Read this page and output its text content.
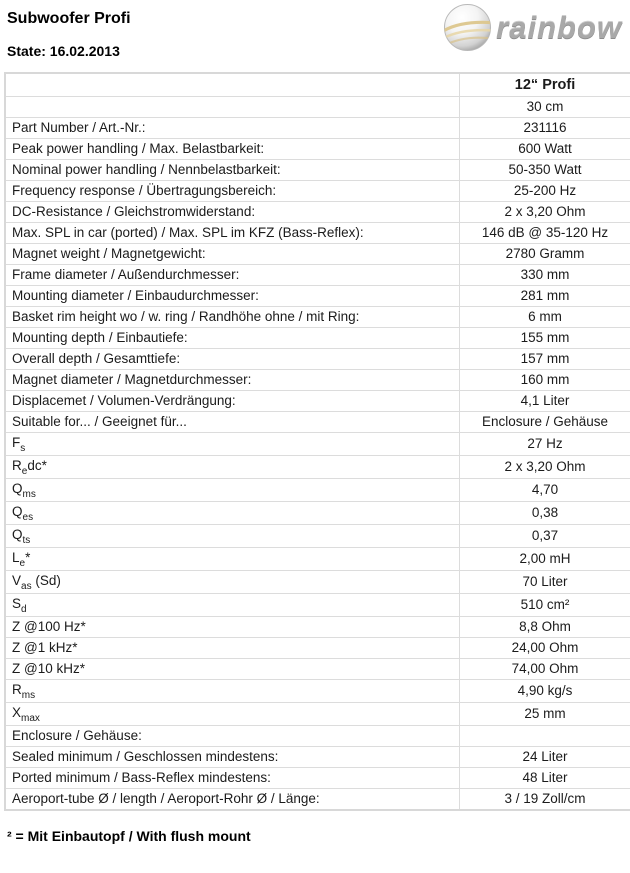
Subwoofer Profi
State: 16.02.2013
rainbow
	12“ Profi
	30 cm
Part Number / Art.-Nr.:	231116
Peak power handling / Max. Belastbarkeit:	600 Watt
Nominal power handling / Nennbelastbarkeit:	50-350 Watt
Frequency response / Übertragungsbereich:	25-200 Hz
DC-Resistance / Gleichstromwiderstand:	2 x 3,20 Ohm
Max. SPL in car (ported) / Max. SPL im KFZ (Bass-Reflex):	146 dB @ 35-120 Hz
Magnet weight / Magnetgewicht:	2780 Gramm
Frame diameter / Außendurchmesser:	330 mm
Mounting diameter / Einbaudurchmesser:	281 mm
Basket rim height wo / w. ring / Randhöhe ohne / mit Ring:	6 mm
Mounting depth / Einbautiefe:	155 mm
Overall depth / Gesamttiefe:	157 mm
Magnet diameter / Magnetdurchmesser:	160 mm
Displacemet / Volumen-Verdrängung:	4,1 Liter
Suitable for... / Geeignet für...	Enclosure / Gehäuse
$F_s$	27 Hz
$R_edc*$	2 x 3,20 Ohm
$Q_{ms}$	4,70
$Q_{es}$	0,38
$Q_{ts}$	0,37
$L_e*$	2,00 mH
$V_{as}$ (Sd)	70 Liter
$S_d$	510 cm²
Z @100 Hz*	8,8 Ohm
Z @1 kHz*	24,00 Ohm
Z @10 kHz*	74,00 Ohm
$R_{ms}$	4,90 kg/s
$X_{max}$	25 mm
Enclosure / Gehäuse:	
Sealed minimum / Geschlossen mindestens:	24 Liter
Ported minimum / Bass-Reflex mindestens:	48 Liter
Aeroport-tube Ø / length / Aeroport-Rohr Ø / Länge:	3 / 19 Zoll/cm
² = Mit Einbautopf / With flush mount
